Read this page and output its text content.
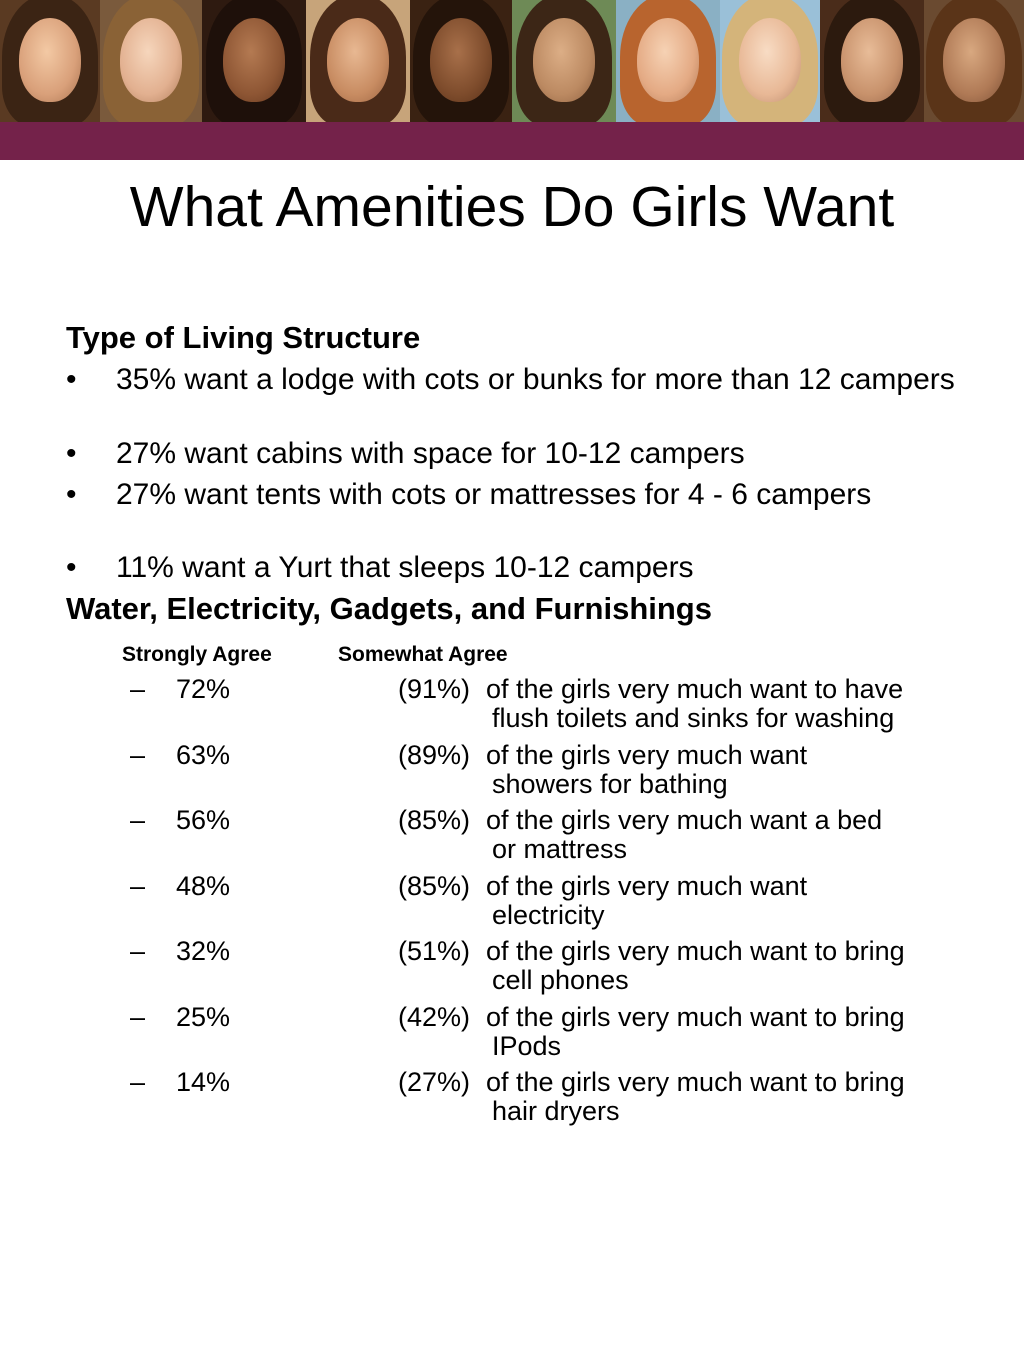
What Amenities Do Girls Want
Type of Living Structure
• 35% want a lodge with cots or bunks for more than 12 campers
• 27% want cabins with space for 10-12 campers
• 27% want tents with cots or mattresses for 4 - 6 campers
• 11% want a Yurt that sleeps 10-12 campers
Water, Electricity, Gadgets, and Furnishings
Strongly Agree	Somewhat Agree
– 72%	(91%) of the girls very much want to have
flush toilets and sinks for washing
– 63%	(89%) of the girls very much want
showers for bathing
– 56%	(85%) of the girls very much want a bed
or mattress
– 48%	(85%) of the girls very much want
electricity
– 32%	(51%) of the girls very much want to bring
cell phones
– 25%	(42%) of the girls very much want to bring
IPods
– 14%	(27%) of the girls very much want to bring
hair dryers
